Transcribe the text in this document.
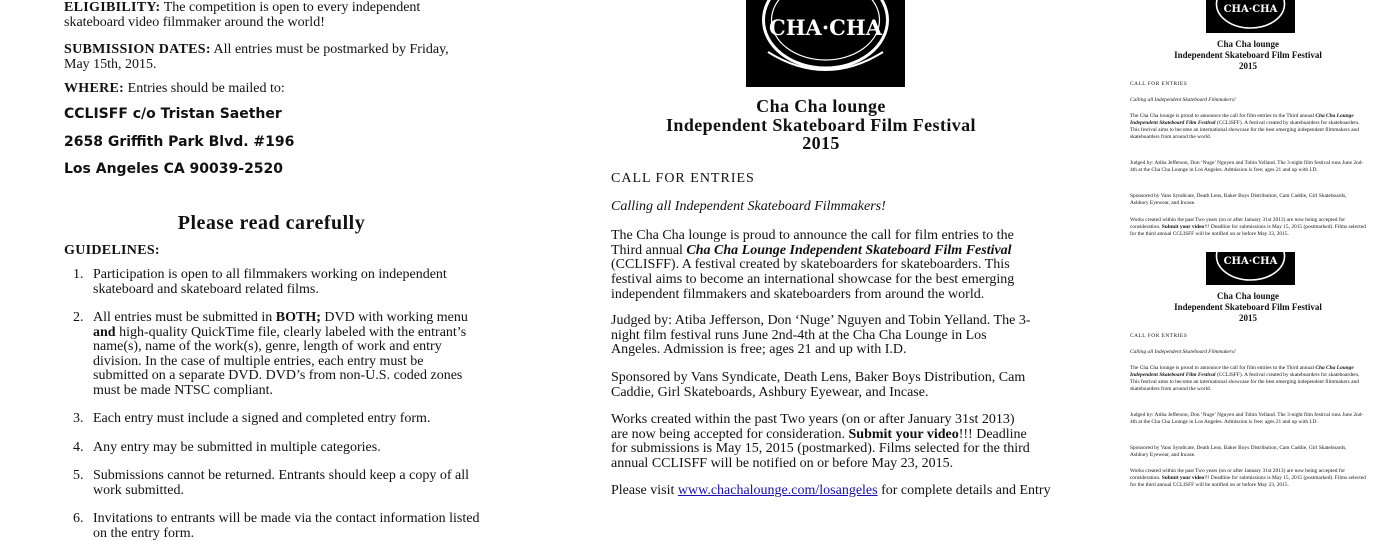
ELIGIBILITY: The competition is open to every independent skateboard video filmmaker around the world!

SUBMISSION DATES: All entries must be postmarked by Friday, May 15th, 2015.

WHERE: Entries should be mailed to:

CCLISFF c/o Tristan Saether

2658 Griffith Park Blvd. #196

Los Angeles CA 90039-2520

Please read carefully

GUIDELINES:

1. Participation is open to all filmmakers working on independent skateboard and skateboard related films.
2. All entries must be submitted in BOTH; DVD with working menu and high-quality QuickTime file, clearly labeled with the entrant’s name(s), name of the work(s), genre, length of work and entry division. In the case of multiple entries, each entry must be submitted on a separate DVD. DVD’s from non-U.S. coded zones must be made NTSC compliant.
3. Each entry must include a signed and completed entry form.
4. Any entry may be submitted in multiple categories.
5. Submissions cannot be returned. Entrants should keep a copy of all work submitted.
6. Invitations to entrants will be made via the contact information listed on the entry form.
CHA·CHA
Cha Cha lounge
Independent Skateboard Film Festival
2015

CALL FOR ENTRIES

Calling all Independent Skateboard Filmmakers!

The Cha Cha lounge is proud to announce the call for film entries to the Third annual Cha Cha Lounge Independent Skateboard Film Festival (CCLISFF). A festival created by skateboarders for skateboarders. This festival aims to become an international showcase for the best emerging independent filmmakers and skateboarders from around the world.

Judged by: Atiba Jefferson, Don ‘Nuge’ Nguyen and Tobin Yelland. The 3-night film festival runs June 2nd-4th at the Cha Cha Lounge in Los Angeles. Admission is free; ages 21 and up with I.D.

Sponsored by Vans Syndicate, Death Lens, Baker Boys Distribution, Cam Caddie, Girl Skateboards, Ashbury Eyewear, and Incase.

Works created within the past Two years (on or after January 31st 2013) are now being accepted for consideration. Submit your video!!! Deadline for submissions is May 15, 2015 (postmarked). Films selected for the third annual CCLISFF will be notified on or before May 23, 2015.

Please visit www.chachalounge.com/losangeles for complete details and Entry

CHA·CHA
Cha Cha lounge
Independent Skateboard Film Festival
2015

CALL FOR ENTRIES

Calling all Independent Skateboard Filmmakers!

The Cha Cha lounge is proud to announce the call for film entries to the Third annual Cha Cha Lounge Independent Skateboard Film Festival (CCLISFF). A festival created by skateboarders for skateboarders. This festival aims to become an international showcase for the best emerging independent filmmakers and skateboarders from around the world.

Judged by: Atiba Jefferson, Don ‘Nuge’ Nguyen and Tobin Yelland. The 3-night film festival runs June 2nd-4th at the Cha Cha Lounge in Los Angeles. Admission is free; ages 21 and up with I.D.

Sponsored by Vans Syndicate, Death Lens, Baker Boys Distribution, Cam Caddie, Girl Skateboards, Ashbury Eyewear, and Incase.

Works created within the past Two years (on or after January 31st 2013) are now being accepted for consideration. Submit your video!!! Deadline for submissions is May 15, 2015 (postmarked). Films selected for the third annual CCLISFF will be notified on or before May 23, 2015.

CHA·CHA
Cha Cha lounge
Independent Skateboard Film Festival
2015

CALL FOR ENTRIES

Calling all Independent Skateboard Filmmakers!

The Cha Cha lounge is proud to announce the call for film entries to the Third annual Cha Cha Lounge Independent Skateboard Film Festival (CCLISFF). A festival created by skateboarders for skateboarders. This festival aims to become an international showcase for the best emerging independent filmmakers and skateboarders from around the world.

Judged by: Atiba Jefferson, Don ‘Nuge’ Nguyen and Tobin Yelland. The 3-night film festival runs June 2nd-4th at the Cha Cha Lounge in Los Angeles. Admission is free; ages 21 and up with I.D.

Sponsored by Vans Syndicate, Death Lens, Baker Boys Distribution, Cam Caddie, Girl Skateboards, Ashbury Eyewear, and Incase.

Works created within the past Two years (on or after January 31st 2013) are now being accepted for consideration. Submit your video!!! Deadline for submissions is May 15, 2015 (postmarked). Films selected for the third annual CCLISFF will be notified on or before May 23, 2015.
